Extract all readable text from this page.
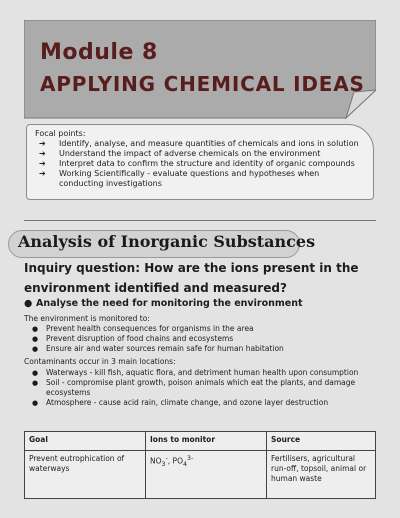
Module 8
APPLYING CHEMICAL IDEAS

Focal points:

➔	Identify, analyse, and measure quantities of chemicals and ions in solution
➔	Understand the impact of adverse chemicals on the environment
➔	Interpret data to confirm the structure and identity of organic compounds
➔	Working Scientifically - evaluate questions and hypotheses when conducting investigations
Analysis of Inorganic Substances

Inquiry question: How are the ions present in the environment identified and measured?

● Analyse the need for monitoring the environment

The environment is monitored to:

●	Prevent health consequences for organisms in the area
●	Prevent disruption of food chains and ecosystems
●	Ensure air and water sources remain safe for human habitation

Contaminants occur in 3 main locations:

●	Waterways - kill fish, aquatic flora, and detriment human health upon consumption
●	Soil - compromise plant growth, poison animals which eat the plants, and damage ecosystems
●	Atmosphere - cause acid rain, climate change, and ozone layer destruction
Goal	Ions to monitor	Source
Prevent eutrophication of waterways	$NO_3^-$, $PO_4^{3-}$	Fertilisers, agricultural run-off, topsoil, animal or human waste
